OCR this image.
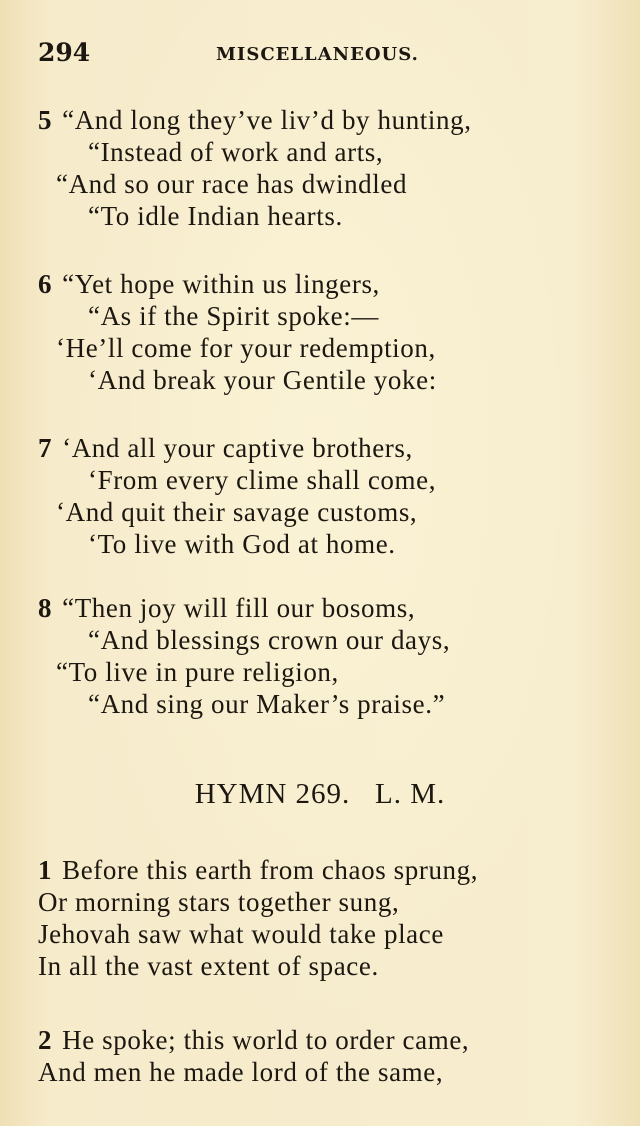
294	MISCELLANEOUS.
5 “And long they’ve liv’d by hunting,
“Instead of work and arts,
“And so our race has dwindled
“To idle Indian hearts.
6 “Yet hope within us lingers,
“As if the Spirit spoke:—
‘He’ll come for your redemption,
‘And break your Gentile yoke:
7 ‘And all your captive brothers,
‘From every clime shall come,
‘And quit their savage customs,
‘To live with God at home.
8 “Then joy will fill our bosoms,
“And blessings crown our days,
“To live in pure religion,
“And sing our Maker’s praise.”
HYMN 269.   L. M.
1 Before this earth from chaos sprung,
Or morning stars together sung,
Jehovah saw what would take place
In all the vast extent of space.
2 He spoke; this world to order came,
And men he made lord of the same,
